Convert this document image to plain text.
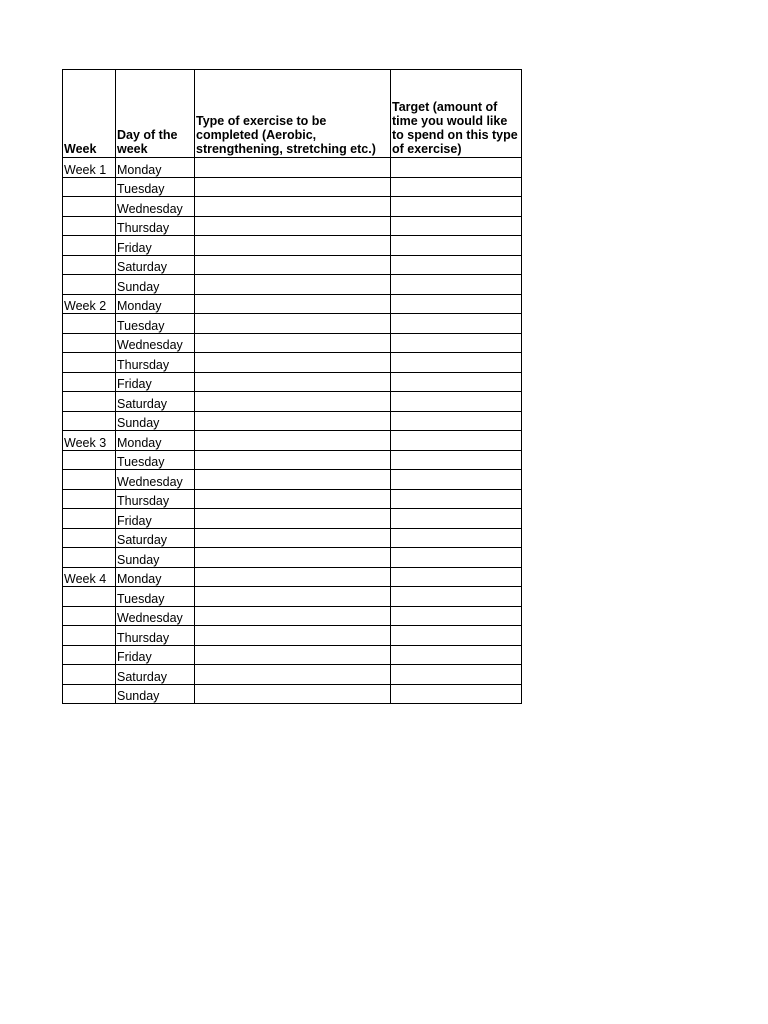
Week	Day of the week	Type of exercise to be completed (Aerobic, strengthening, stretching etc.)	Target (amount of time you would like to spend on this type of exercise)
Week 1	Monday		
	Tuesday		
	Wednesday		
	Thursday		
	Friday		
	Saturday		
	Sunday		
Week 2	Monday		
	Tuesday		
	Wednesday		
	Thursday		
	Friday		
	Saturday		
	Sunday		
Week 3	Monday		
	Tuesday		
	Wednesday		
	Thursday		
	Friday		
	Saturday		
	Sunday		
Week 4	Monday		
	Tuesday		
	Wednesday		
	Thursday		
	Friday		
	Saturday		
	Sunday		
